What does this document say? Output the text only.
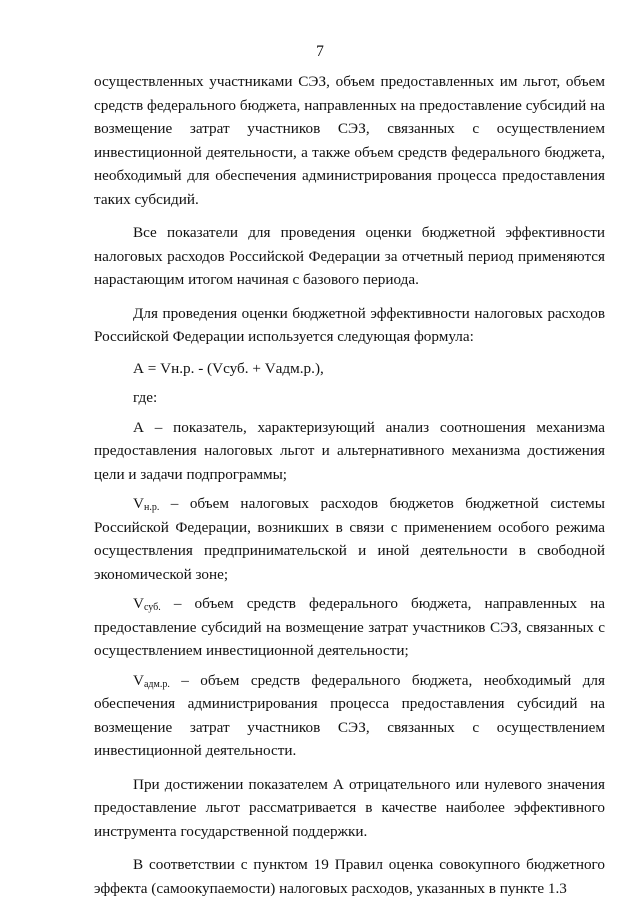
7

осуществленных участниками СЭЗ, объем предоставленных им льгот, объем средств федерального бюджета, направленных на предоставление субсидий на возмещение затрат участников СЭЗ, связанных с осуществлением инвестиционной деятельности, а также объем средств федерального бюджета, необходимый для обеспечения администрирования процесса предоставления таких субсидий.

Все показатели для проведения оценки бюджетной эффективности налоговых расходов Российской Федерации за отчетный период применяются нарастающим итогом начиная с базового периода.

Для проведения оценки бюджетной эффективности налоговых расходов Российской Федерации используется следующая формула:

А = Vн.р. - (Vсуб. + Vадм.р.),
где:

А – показатель, характеризующий анализ соотношения механизма предоставления налоговых льгот и альтернативного механизма достижения цели и задачи подпрограммы;

$V_{н.р.}$ – объем налоговых расходов бюджетов бюджетной системы Российской Федерации, возникших в связи с применением особого режима осуществления предпринимательской и иной деятельности в свободной экономической зоне;

$V_{суб.}$ – объем средств федерального бюджета, направленных на предоставление субсидий на возмещение затрат участников СЭЗ, связанных с осуществлением инвестиционной деятельности;

$V_{адм.р.}$ – объем средств федерального бюджета, необходимый для обеспечения администрирования процесса предоставления субсидий на возмещение затрат участников СЭЗ, связанных с осуществлением инвестиционной деятельности.

При достижении показателем А отрицательного или нулевого значения предоставление льгот рассматривается в качестве наиболее эффективного инструмента государственной поддержки.

В соответствии с пунктом 19 Правил оценка совокупного бюджетного эффекта (самоокупаемости) налоговых расходов, указанных в пункте 1.3
